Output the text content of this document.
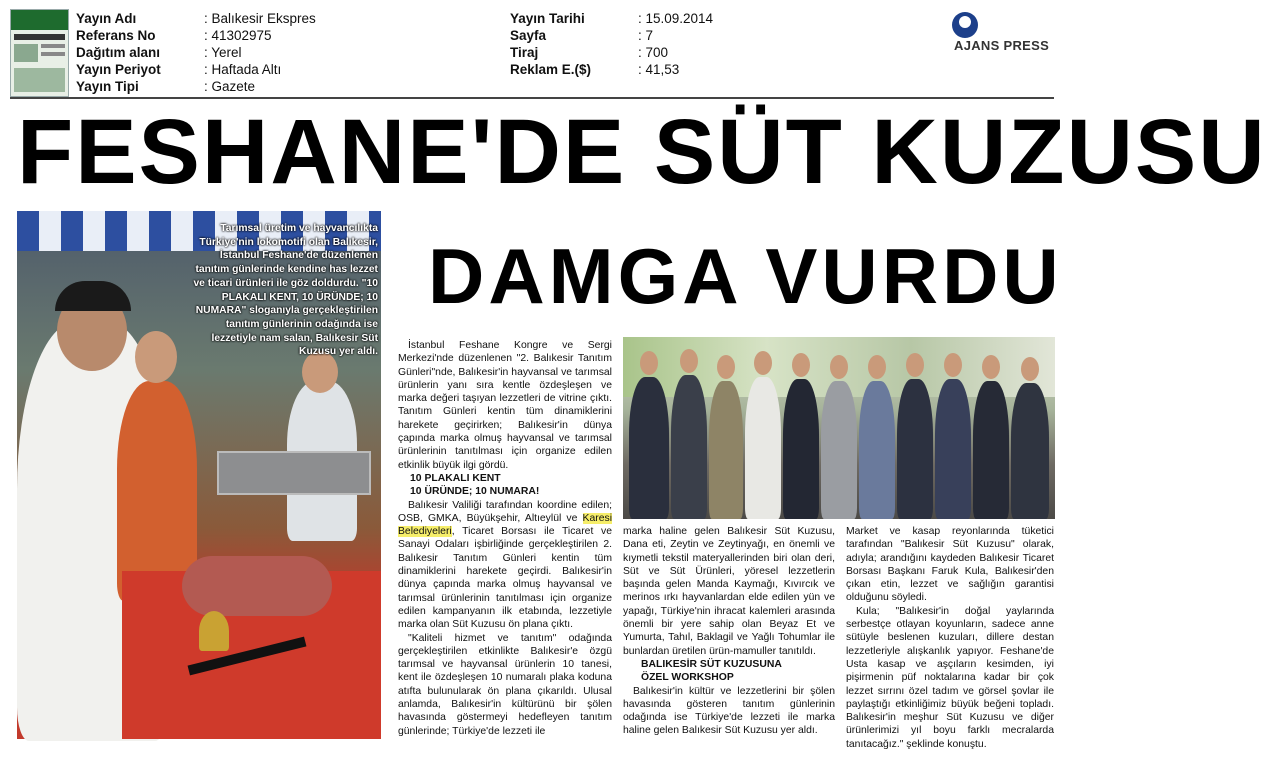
Yayın Adı
Referans No
Dağıtım alanı
Yayın Periyot
Yayın Tipi
: Balıkesir Ekspres
: 41302975
: Yerel
: Haftada Altı
: Gazete
Yayın Tarihi
Sayfa
Tiraj
Reklam E.($)
: 15.09.2014
: 7
: 700
: 41,53
AJANS PRESS
FESHANE'DE SÜT KUZUSU
DAMGA VURDU
Tarımsal üretim ve hayvancılıkta Türkiye'nin lokomotifi olan Balıkesir, İstanbul Feshane'de düzenlenen tanıtım günlerinde kendine has lezzet ve ticari ürünleri ile göz doldurdu. "10 PLAKALI KENT, 10 ÜRÜNDE; 10 NUMARA" sloganıyla gerçekleştirilen tanıtım günlerinin odağında ise lezzetiyle nam salan, Balıkesir Süt Kuzusu yer aldı.

İstanbul Feshane Kongre ve Sergi Merkezi'nde düzenlenen "2. Balıkesir Tanıtım Günleri"nde, Balıkesir'in hayvansal ve tarımsal ürünlerin yanı sıra kentle özdeşleşen ve marka değeri taşıyan lezzetleri de vitrine çıktı. Tanıtım Günleri kentin tüm dinamiklerini harekete geçirirken; Balıkesir'in dünya çapında marka olmuş hayvansal ve tarımsal ürünlerinin tanıtılması için organize edilen etkinlik büyük ilgi gördü.

10 PLAKALI KENT
10 ÜRÜNDE; 10 NUMARA!

Balıkesir Valiliği tarafından koordine edilen; OSB, GMKA, Büyükşehir, Altıeylül ve Karesi Belediyeleri, Ticaret Borsası ile Ticaret ve Sanayi Odaları işbirliğinde gerçekleştirilen 2. Balıkesir Tanıtım Günleri kentin tüm dinamiklerini harekete geçirdi. Balıkesir'in dünya çapında marka olmuş hayvansal ve tarımsal ürünlerinin tanıtılması için organize edilen kampanyanın ilk etabında, lezzetiyle marka olan Süt Kuzusu ön plana çıktı.

"Kaliteli hizmet ve tanıtım" odağında gerçekleştirilen etkinlikte Balıkesir'e özgü tarımsal ve hayvansal ürünlerin 10 tanesi, kent ile özdeşleşen 10 numaralı plaka koduna atıfta bulunularak ön plana çıkarıldı. Ulusal anlamda, Balıkesir'in kültürünü bir şölen havasında göstermeyi hedefleyen tanıtım günlerinde; Türkiye'de lezzeti ile

marka haline gelen Balıkesir Süt Kuzusu, Dana eti, Zeytin ve Zeytinyağı, en önemli ve kıymetli tekstil materyallerinden biri olan deri, Süt ve Süt Ürünleri, yöresel lezzetlerin başında gelen Manda Kaymağı, Kıvırcık ve merinos ırkı hayvanlardan elde edilen yün ve yapağı, Türkiye'nin ihracat kalemleri arasında önemli bir yere sahip olan Beyaz Et ve Yumurta, Tahıl, Baklagil ve Yağlı Tohumlar ile bunlardan üretilen ürün-mamuller tanıtıldı.

BALIKESİR SÜT KUZUSUNA
ÖZEL WORKSHOP

Balıkesir'in kültür ve lezzetlerini bir şölen havasında gösteren tanıtım günlerinin odağında ise Türkiye'de lezzeti ile marka haline gelen Balıkesir Süt Kuzusu yer aldı.

Market ve kasap reyonlarında tüketici tarafından "Balıkesir Süt Kuzusu" olarak, adıyla; arandığını kaydeden Balıkesir Ticaret Borsası Başkanı Faruk Kula, Balıkesir'den çıkan etin, lezzet ve sağlığın garantisi olduğunu söyledi.

Kula; "Balıkesir'in doğal yaylarında serbestçe otlayan koyunların, sadece anne sütüyle beslenen kuzuları, dillere destan lezzetleriyle alışkanlık yapıyor. Feshane'de Usta kasap ve aşçıların kesimden, iyi pişirmenin püf noktalarına kadar bir çok lezzet sırrını özel tadım ve görsel şovlar ile paylaştığı etkinliğimiz büyük beğeni topladı. Balıkesir'in meşhur Süt Kuzusu ve diğer ürünlerimizi yıl boyu farklı mecralarda tanıtacağız." şeklinde konuştu.
